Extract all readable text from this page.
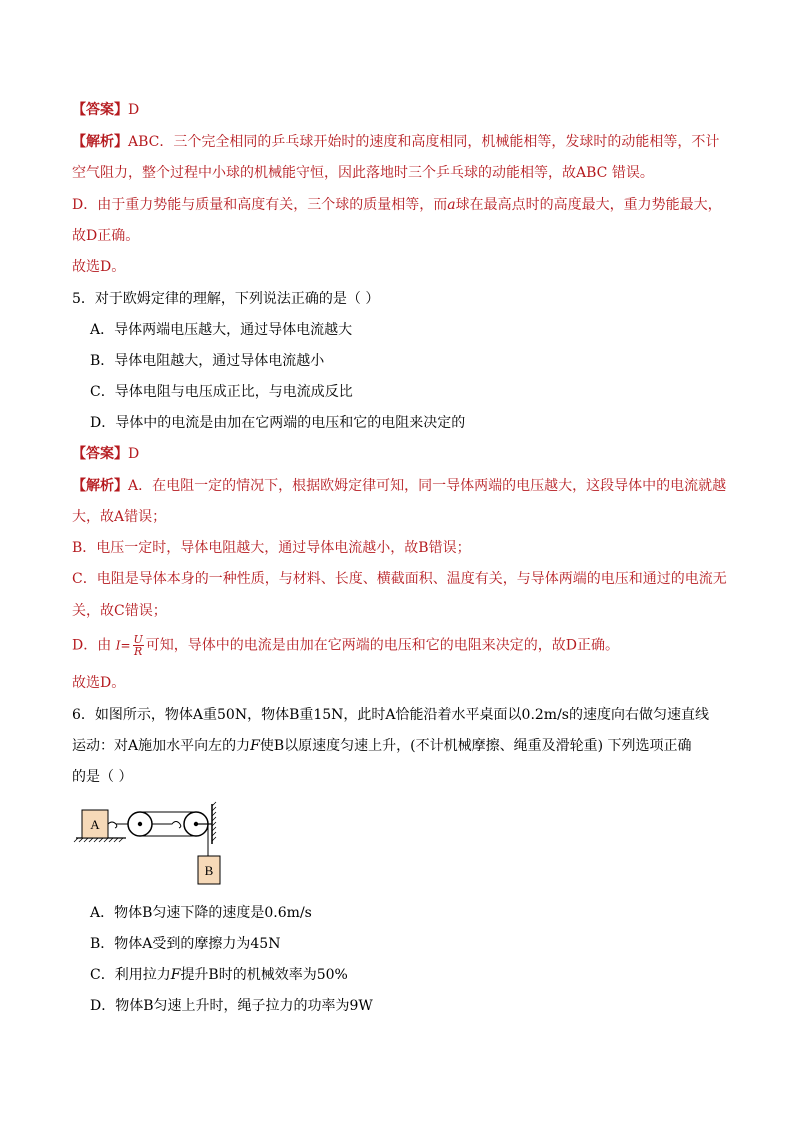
【答案】D
【解析】ABC．三个完全相同的乒乓球开始时的速度和高度相同，机械能相等，发球时的动能相等，不计
空气阻力，整个过程中小球的机械能守恒，因此落地时三个乒乓球的动能相等，故ABC 错误。
D．由于重力势能与质量和高度有关，三个球的质量相等，而a球在最高点时的高度最大，重力势能最大，
故D正确。
故选D。
5．对于欧姆定律的理解，下列说法正确的是（ ）
A．导体两端电压越大，通过导体电流越大
B．导体电阻越大，通过导体电流越小
C．导体电阻与电压成正比，与电流成反比
D．导体中的电流是由加在它两端的电压和它的电阻来决定的
【答案】D
【解析】A．在电阻一定的情况下，根据欧姆定律可知，同一导体两端的电压越大，这段导体中的电流就越
大，故A错误；
B．电压一定时，导体电阻越大，通过导体电流越小，故B错误；
C．电阻是导体本身的一种性质，与材料、长度、横截面积、温度有关，与导体两端的电压和通过的电流无
关，故C错误；
D．由 $I= \frac{U}{R}$ 可知，导体中的电流是由加在它两端的电压和它的电阻来决定的，故D正确。
故选D。
6．如图所示，物体A重50N，物体B重15N，此时A恰能沿着水平桌面以0.2m/s的速度向右做匀速直线
运动：对A施加水平向左的力F使B以原速度匀速上升，(不计机械摩擦、绳重及滑轮重) 下列选项正确
的是（ ）
A
B
A．物体B匀速下降的速度是0.6m/s
B．物体A受到的摩擦力为45N
C．利用拉力F提升B时的机械效率为50%
D．物体B匀速上升时，绳子拉力的功率为9W
